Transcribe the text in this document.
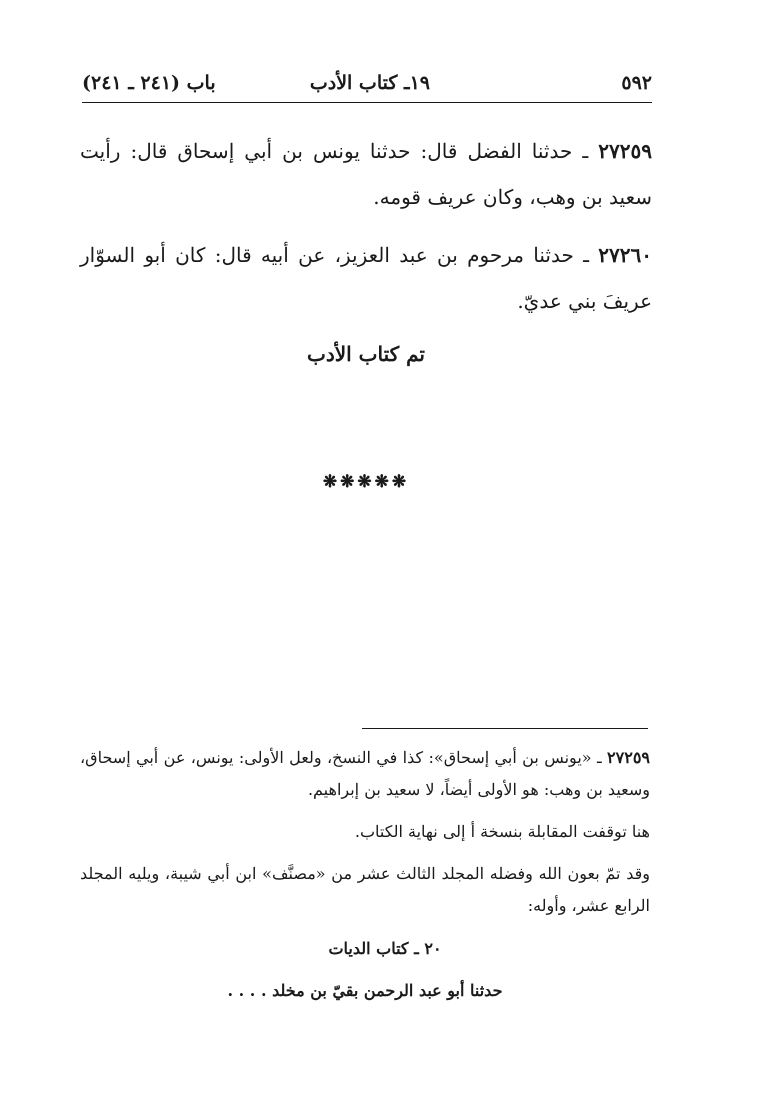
٥٩٢
١٩ـ كتاب الأدب
باب (٢٤١ ـ ٢٤١)

٢٧٢٥٩ ـ حدثنا الفضل قال: حدثنا يونس بن أبي إسحاق قال: رأيت سعيد بن وهب، وكان عريف قومه.

٢٧٢٦٠ ـ حدثنا مرحوم بن عبد العزيز، عن أبيه قال: كان أبو السوّار عريفَ بني عديّ.

تم كتاب الأدب
❋❋❋❋❋

٢٧٢٥٩ ـ «يونس بن أبي إسحاق»: كذا في النسخ، ولعل الأولى: يونس، عن أبي إسحاق، وسعيد بن وهب: هو الأولى أيضاً، لا سعيد بن إبراهيم.

هنا توقفت المقابلة بنسخة أ إلى نهاية الكتاب.

وقد تمّ بعون الله وفضله المجلد الثالث عشر من «مصنَّف» ابن أبي شيبة، ويليه المجلد الرابع عشر، وأوله:

٢٠ ـ كتاب الديات

حدثنا أبو عبد الرحمن بقيّ بن مخلد . . . .
